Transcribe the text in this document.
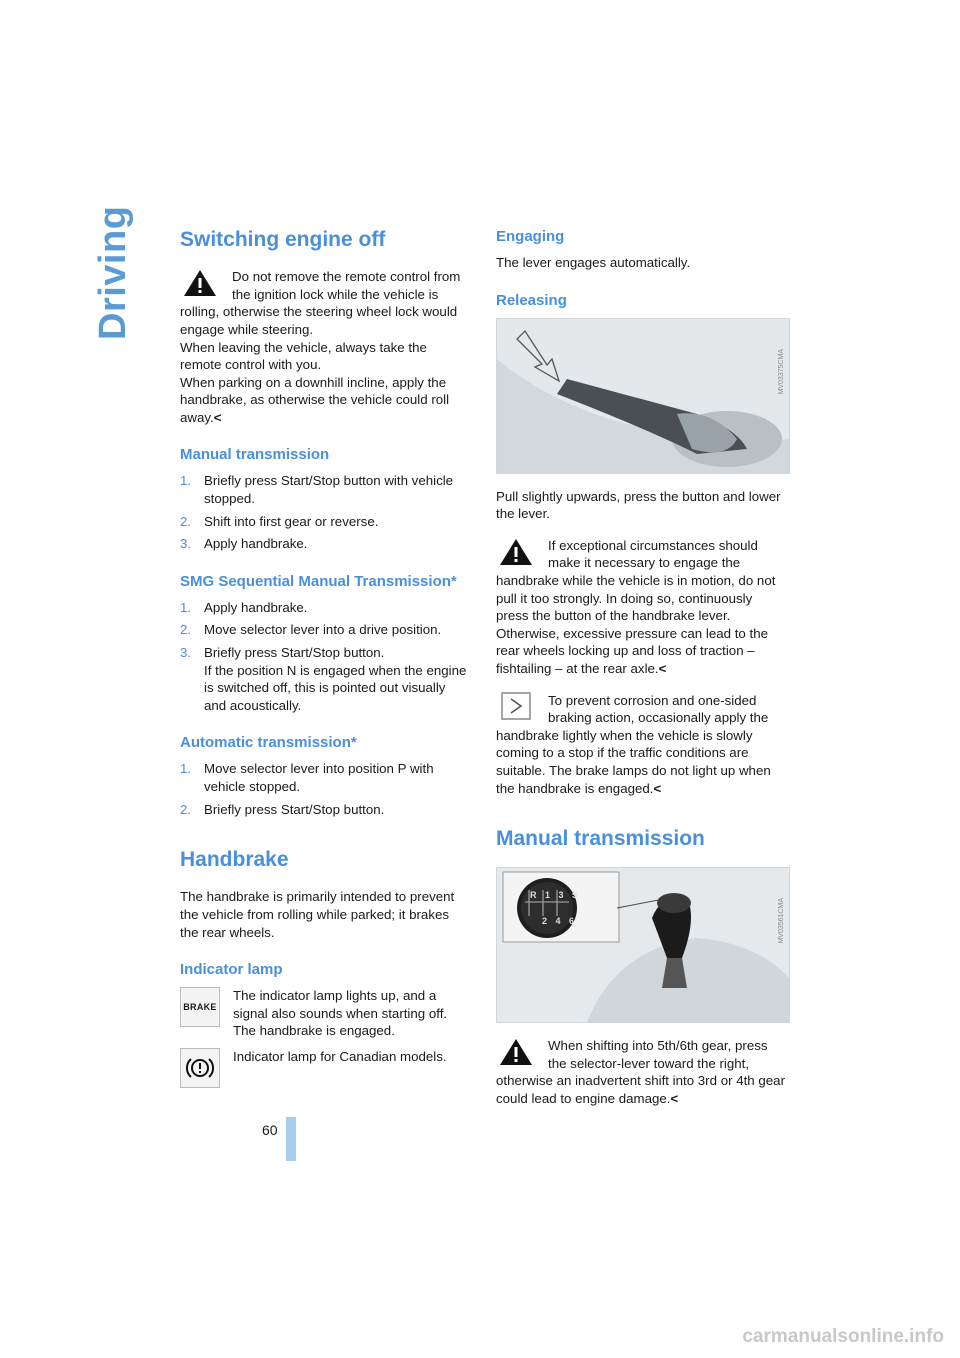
Driving Switching engine off

Do not remove the remote control from the ignition lock while the vehicle is rolling, otherwise the steering wheel lock would engage while steering.

When leaving the vehicle, always take the remote control with you.

When parking on a downhill incline, apply the handbrake, as otherwise the vehicle could roll away.<

Manual transmission
1. Briefly press Start/Stop button with vehicle stopped.
2. Shift into first gear or reverse.
3. Apply handbrake.
SMG Sequential Manual Transmission*
1. Apply handbrake.
2. Move selector lever into a drive position.
3. Briefly press Start/Stop button.
If the position N is engaged when the engine is switched off, this is pointed out visually and acoustically.
Automatic transmission*
1. Move selector lever into position P with vehicle stopped.
2. Briefly press Start/Stop button.
Handbrake

The handbrake is primarily intended to prevent the vehicle from rolling while parked; it brakes the rear wheels.

Indicator lamp
BRAKE
The indicator lamp lights up, and a signal also sounds when starting off. The handbrake is engaged.
Indicator lamp for Canadian models.
Engaging

The lever engages automatically.

Releasing
MV03375CMA

Pull slightly upwards, press the button and lower the lever.

If exceptional circumstances should make it necessary to engage the handbrake while the vehicle is in motion, do not pull it too strongly. In doing so, continuously press the button of the handbrake lever. Otherwise, excessive pressure can lead to the rear wheels locking up and loss of traction – fishtailing – at the rear axle.<

To prevent corrosion and one-sided braking action, occasionally apply the handbrake lightly when the vehicle is slowly coming to a stop if the traffic conditions are suitable. The brake lamps do not light up when the handbrake is engaged.<

Manual transmission
R 1 3 5
2 4 6	MV03561CMA

When shifting into 5th/6th gear, press the selector-lever toward the right, otherwise an inadvertent shift into 3rd or 4th gear could lead to engine damage.<

60
carmanualsonline.info
